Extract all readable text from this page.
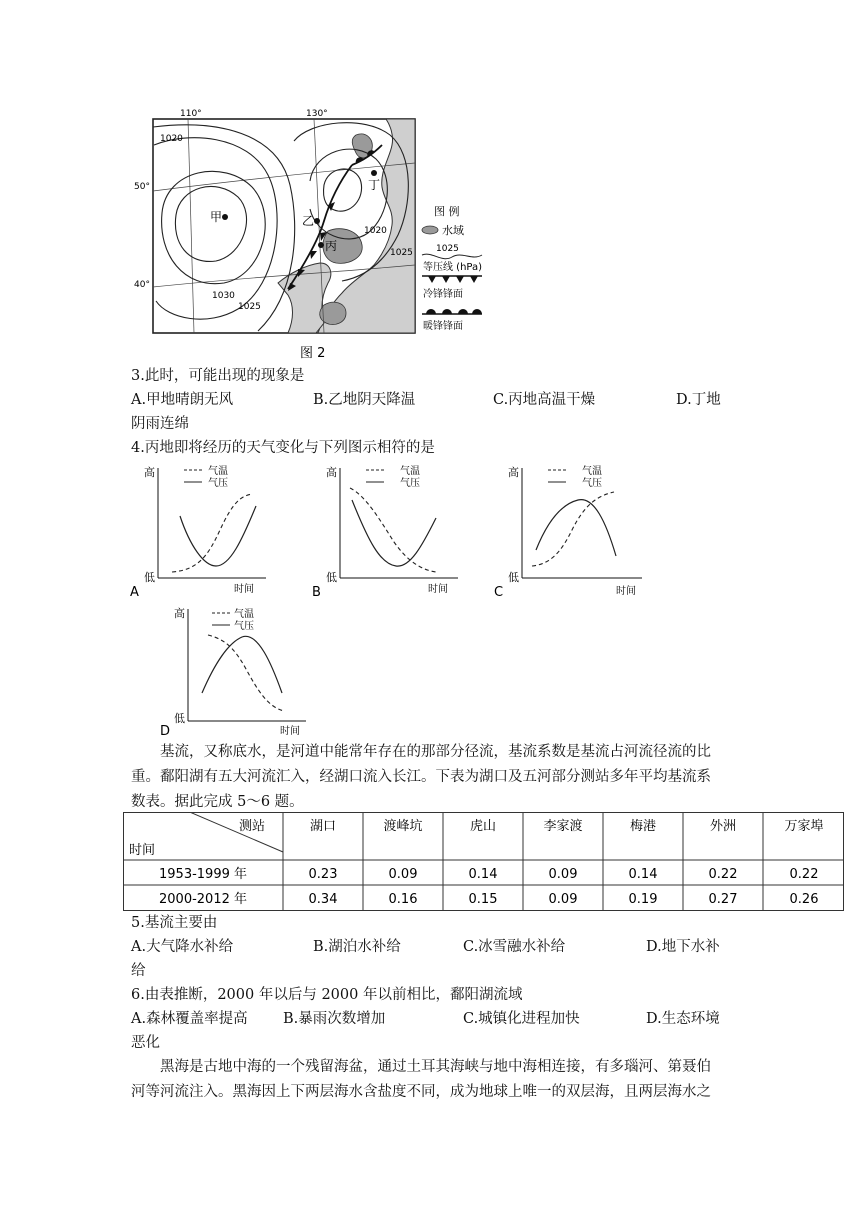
甲	乙
丙
丁
1020
1030
1025
1020
1025
110°	130°
50°
40°
图 例
水域
1025
等压线 (hPa)
冷锋锋面
暖锋锋面
图 2
3.此时，可能出现的现象是
A.甲地晴朗无风	B.乙地阴天降温	C.丙地高温干燥	D.丁地
阴雨连绵
4.丙地即将经历的天气变化与下列图示相符的是
高
低
气温
气压
时间
A
高
低
气温
气压
时间
B
高
低
气温
气压
时间
C
高
低
气温
气压
时间
D
基流，又称底水，是河道中能常年存在的那部分径流，基流系数是基流占河流径流的比
重。鄱阳湖有五大河流汇入，经湖口流入长江。下表为湖口及五河部分测站多年平均基流系
数表。据此完成 5～6 题。
测站
时间
湖口	渡峰坑	虎山	李家渡	梅港	外洲	万家埠
1953-1999 年	0.23	0.09	0.14	0.09	0.14	0.22	0.22
2000-2012 年	0.34	0.16	0.15	0.09	0.19	0.27	0.26
5.基流主要由
A.大气降水补给	B.湖泊水补给	C.冰雪融水补给	D.地下水补
给
6.由表推断，2000 年以后与 2000 年以前相比，鄱阳湖流域
A.森林覆盖率提高 B.暴雨次数增加	C.城镇化进程加快	D.生态环境
恶化
黑海是古地中海的一个残留海盆，通过土耳其海峡与地中海相连接，有多瑙河、第聂伯
河等河流注入。黑海因上下两层海水含盐度不同，成为地球上唯一的双层海，且两层海水之
